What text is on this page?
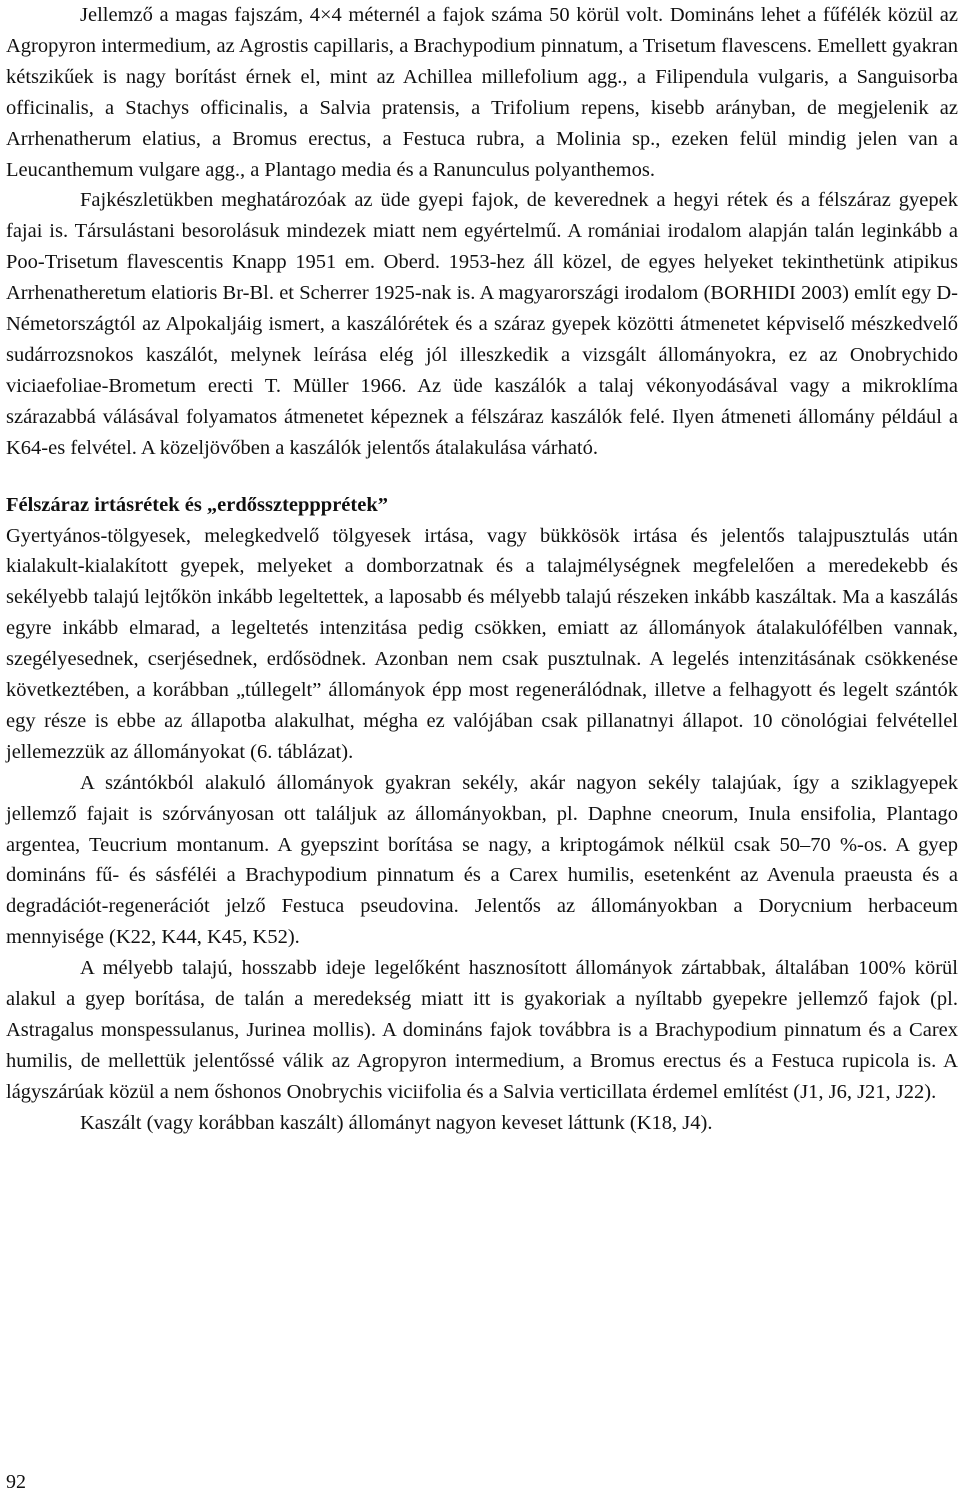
Jellemző a magas fajszám, 4×4 méternél a fajok száma 50 körül volt. Domináns lehet a fűfélék közül az Agropyron intermedium, az Agrostis capillaris, a Brachypodium pinnatum, a Trisetum flavescens. Emellett gyakran kétszikűek is nagy borítást érnek el, mint az Achillea millefolium agg., a Filipendula vulgaris, a Sanguisorba officinalis, a Stachys officinalis, a Salvia pratensis, a Trifolium repens, kisebb arányban, de megjelenik az Arrhenatherum elatius, a Bromus erectus, a Festuca rubra, a Molinia sp., ezeken felül mindig jelen van a Leucanthemum vulgare agg., a Plantago media és a Ranunculus polyanthemos.

Fajkészletükben meghatározóak az üde gyepi fajok, de keverednek a hegyi rétek és a félszáraz gyepek fajai is. Társulástani besorolásuk mindezek miatt nem egyértelmű. A romániai irodalom alapján talán leginkább a Poo-Trisetum flavescentis Knapp 1951 em. Oberd. 1953-hez áll közel, de egyes helyeket tekinthetünk atipikus Arrhenatheretum elatioris Br-Bl. et Scherrer 1925-nak is. A magyarországi irodalom (BORHIDI 2003) említ egy D-Németországtól az Alpokaljáig ismert, a kaszálórétek és a száraz gyepek közötti átmenetet képviselő mészkedvelő sudárrozsnokos kaszálót, melynek leírása elég jól illeszkedik a vizsgált állományokra, ez az Onobrychido viciaefoliae-Brometum erecti T. Müller 1966. Az üde kaszálók a talaj vékonyodásával vagy a mikroklíma szárazabbá válásával folyamatos átmenetet képeznek a félszáraz kaszálók felé. Ilyen átmeneti állomány például a K64-es felvétel. A közeljövőben a kaszálók jelentős átalakulása várható.

Félszáraz irtásrétek és „erdősszteppprétek”

Gyertyános-tölgyesek, melegkedvelő tölgyesek irtása, vagy bükkösök irtása és jelentős talajpusztulás után kialakult-kialakított gyepek, melyeket a domborzatnak és a talajmélységnek megfelelően a meredekebb és sekélyebb talajú lejtőkön inkább legeltettek, a laposabb és mélyebb talajú részeken inkább kaszáltak. Ma a kaszálás egyre inkább elmarad, a legeltetés intenzitása pedig csökken, emiatt az állományok átalakulófélben vannak, szegélyesednek, cserjésednek, erdősödnek. Azonban nem csak pusztulnak. A legelés intenzitásának csökkenése következtében, a korábban „túllegelt” állományok épp most regenerálódnak, illetve a felhagyott és legelt szántók egy része is ebbe az állapotba alakulhat, mégha ez valójában csak pillanatnyi állapot. 10 cönológiai felvétellel jellemezzük az állományokat (6. táblázat).

A szántókból alakuló állományok gyakran sekély, akár nagyon sekély talajúak, így a sziklagyepek jellemző fajait is szórványosan ott találjuk az állományokban, pl. Daphne cneorum, Inula ensifolia, Plantago argentea, Teucrium montanum. A gyepszint borítása se nagy, a kriptogámok nélkül csak 50–70 %-os. A gyep domináns fű- és sásféléi a Brachypodium pinnatum és a Carex humilis, esetenként az Avenula praeusta és a degradációt-regenerációt jelző Festuca pseudovina. Jelentős az állományokban a Dorycnium herbaceum mennyisége (K22, K44, K45, K52).

A mélyebb talajú, hosszabb ideje legelőként hasznosított állományok zártabbak, általában 100% körül alakul a gyep borítása, de talán a meredekség miatt itt is gyakoriak a nyíltabb gyepekre jellemző fajok (pl. Astragalus monspessulanus, Jurinea mollis). A domináns fajok továbbra is a Brachypodium pinnatum és a Carex humilis, de mellettük jelentőssé válik az Agropyron intermedium, a Bromus erectus és a Festuca rupicola is. A lágyszárúak közül a nem őshonos Onobrychis viciifolia és a Salvia verticillata érdemel említést (J1, J6, J21, J22).

Kaszált (vagy korábban kaszált) állományt nagyon keveset láttunk (K18, J4).

92
